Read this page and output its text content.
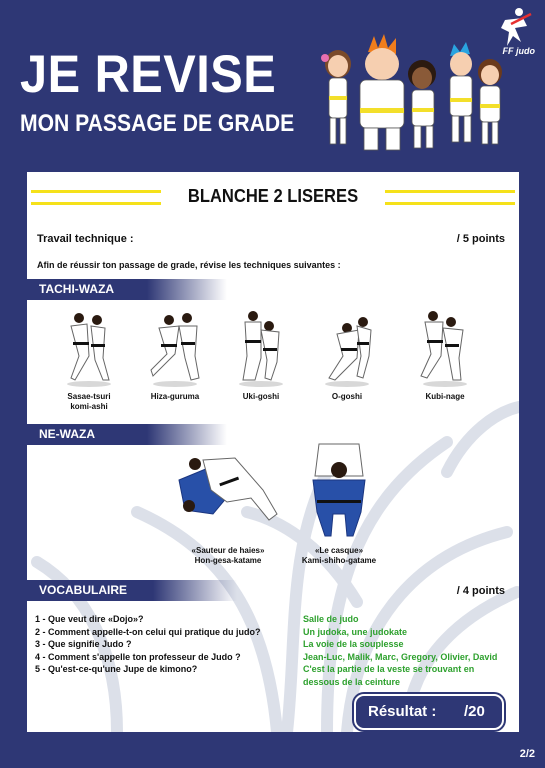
JE REVISE
MON PASSAGE DE GRADE
FF judo
BLANCHE 2 LISERES
Travail technique :	/ 5 points
Afin de réussir ton passage de grade, révise les techniques suivantes :
TACHI-WAZA
Sasae-tsuri
komi-ashi
Hiza-guruma	Uki-goshi	O-goshi	Kubi-nage
NE-WAZA
«Sauteur de haies»
Hon-gesa-katame
«Le casque»
Kami-shiho-gatame
VOCABULAIRE	/ 4 points
1 - Que veut dire «Dojo»?
2 - Comment appelle-t-on celui qui pratique du judo?
3 - Que signifie Judo ?
4 - Comment s'appelle ton professeur de Judo ?
5 - Qu'est-ce-qu'une Jupe de kimono?
Salle de judo
Un judoka, une judokate
La voie de la souplesse
Jean-Luc, Malik, Marc, Gregory, Olivier, David
C'est la partie de la veste se trouvant en
dessous de la ceinture
Résultat : /20
2/2
